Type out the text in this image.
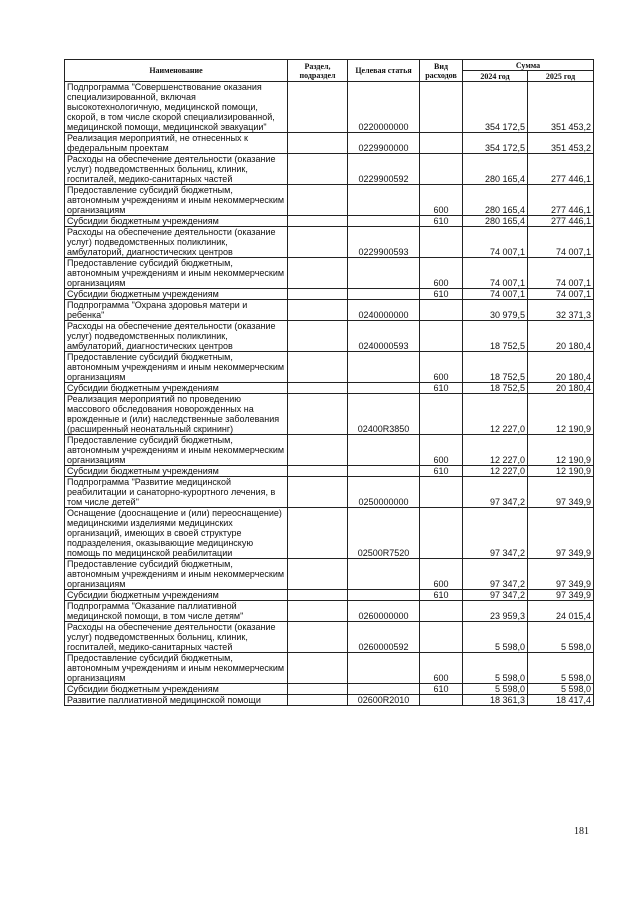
Наименование	Раздел, подраздел	Целевая статья	Вид расходов	Сумма	
				2024 год	2025 год
Подпрограмма "Совершенствование оказания специализированной, включая высокотехнологичную, медицинской помощи, скорой, в том числе скорой специализированной, медицинской помощи, медицинской эвакуации"		0220000000		354 172,5	351 453,2
Реализация мероприятий, не отнесенных к федеральным проектам		0229900000		354 172,5	351 453,2
Расходы на обеспечение деятельности (оказание услуг) подведомственных больниц, клиник, госпиталей, медико-санитарных частей		0229900592		280 165,4	277 446,1
Предоставление субсидий бюджетным, автономным учреждениям и иным некоммерческим организациям			600	280 165,4	277 446,1
Субсидии бюджетным учреждениям			610	280 165,4	277 446,1
Расходы на обеспечение деятельности (оказание услуг) подведомственных поликлиник, амбулаторий, диагностических центров		0229900593		74 007,1	74 007,1
Предоставление субсидий бюджетным, автономным учреждениям и иным некоммерческим организациям			600	74 007,1	74 007,1
Субсидии бюджетным учреждениям			610	74 007,1	74 007,1
Подпрограмма "Охрана здоровья матери и ребенка"		0240000000		30 979,5	32 371,3
Расходы на обеспечение деятельности (оказание услуг) подведомственных поликлиник, амбулаторий, диагностических центров		0240000593		18 752,5	20 180,4
Предоставление субсидий бюджетным, автономным учреждениям и иным некоммерческим организациям			600	18 752,5	20 180,4
Субсидии бюджетным учреждениям			610	18 752,5	20 180,4
Реализация мероприятий по проведению массового обследования новорожденных на врожденные и (или) наследственные заболевания (расширенный неонатальный скрининг)		02400R3850		12 227,0	12 190,9
Предоставление субсидий бюджетным, автономным учреждениям и иным некоммерческим организациям			600	12 227,0	12 190,9
Субсидии бюджетным учреждениям			610	12 227,0	12 190,9
Подпрограмма "Развитие медицинской реабилитации и санаторно-курортного лечения, в том числе детей"		0250000000		97 347,2	97 349,9
Оснащение (дооснащение и (или) переоснащение) медицинскими изделиями медицинских организаций, имеющих в своей структуре подразделения, оказывающие медицинскую помощь по медицинской реабилитации		02500R7520		97 347,2	97 349,9
Предоставление субсидий бюджетным, автономным учреждениям и иным некоммерческим организациям			600	97 347,2	97 349,9
Субсидии бюджетным учреждениям			610	97 347,2	97 349,9
Подпрограмма "Оказание паллиативной медицинской помощи, в том числе детям"		0260000000		23 959,3	24 015,4
Расходы на обеспечение деятельности (оказание услуг) подведомственных больниц, клиник, госпиталей, медико-санитарных частей		0260000592		5 598,0	5 598,0
Предоставление субсидий бюджетным, автономным учреждениям и иным некоммерческим организациям			600	5 598,0	5 598,0
Субсидии бюджетным учреждениям			610	5 598,0	5 598,0
Развитие паллиативной медицинской помощи		02600R2010		18 361,3	18 417,4
181
